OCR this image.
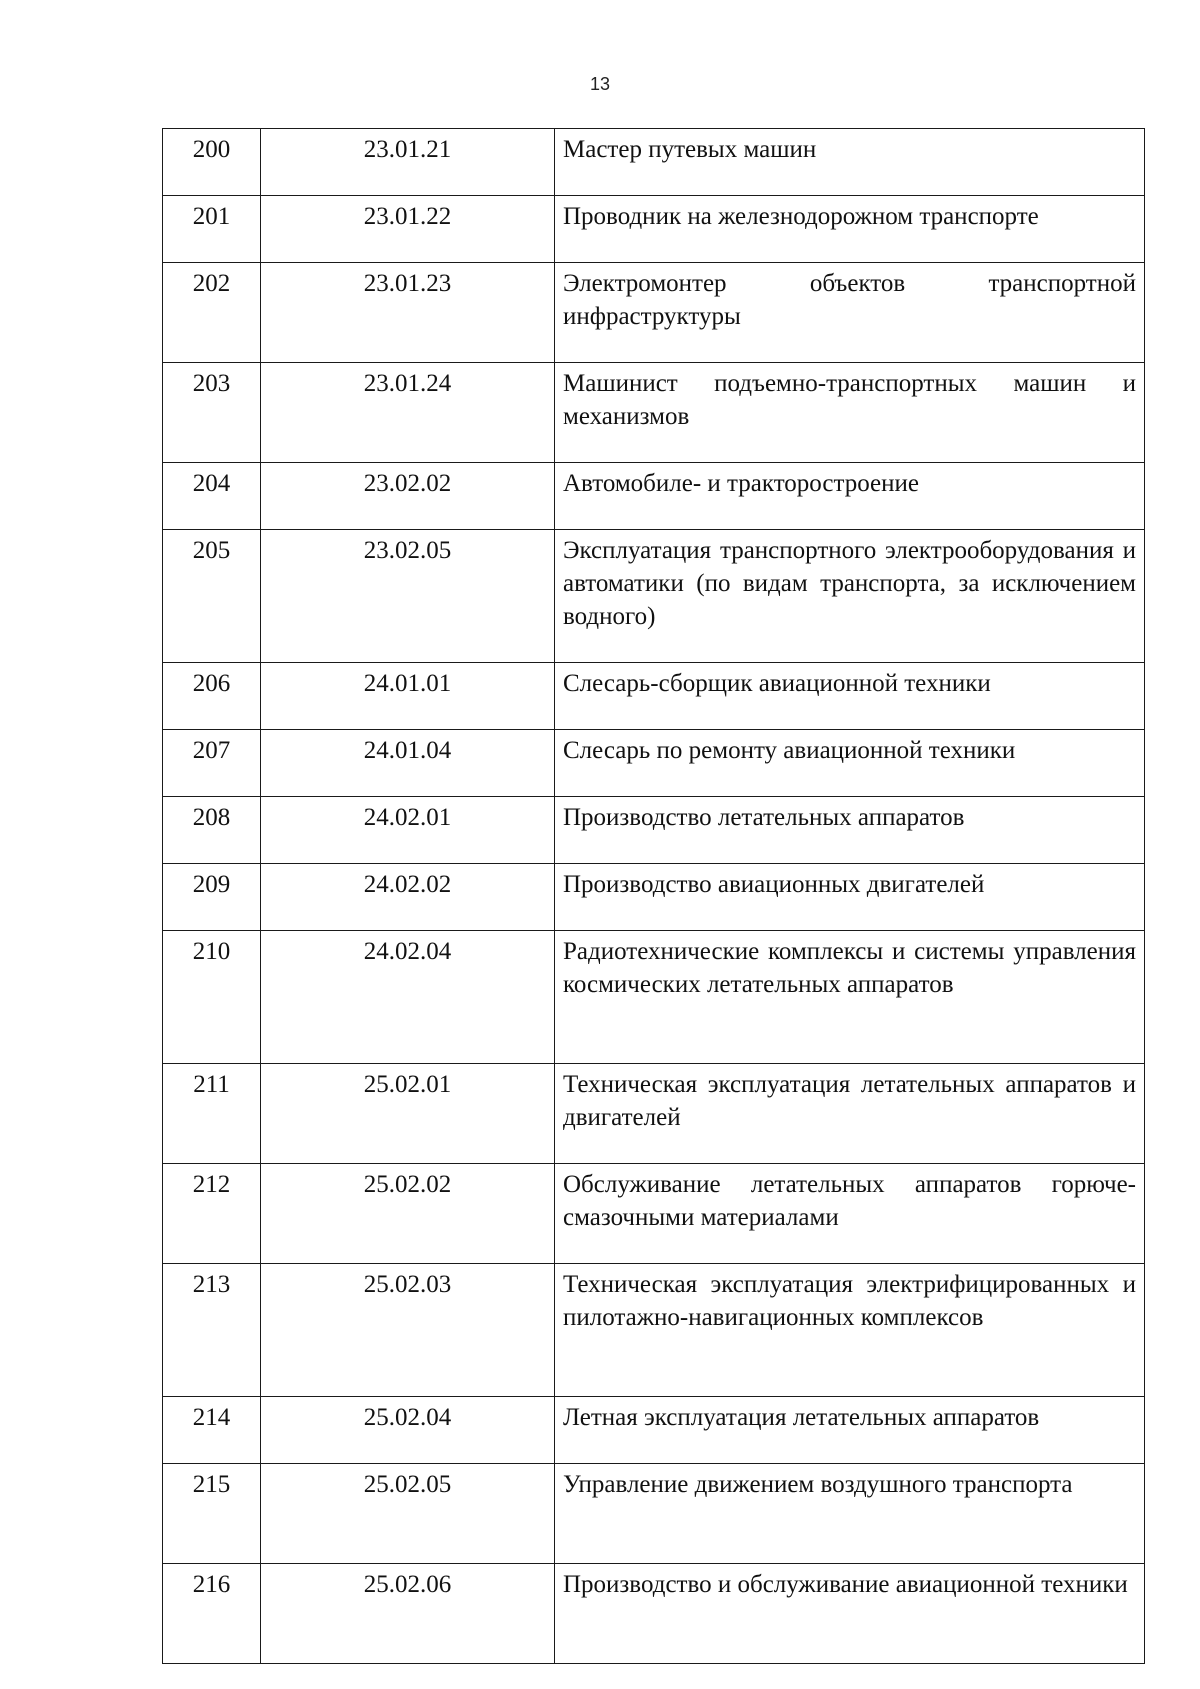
13
200	23.01.21	Мастер путевых машин
201	23.01.22	Проводник на железнодорожном транспорте
202	23.01.23	Электромонтер объектов транспортной инфраструктуры
203	23.01.24	Машинист подъемно-транспортных машин и механизмов
204	23.02.02	Автомобиле- и тракторостроение
205	23.02.05	Эксплуатация транспортного электрооборудования и автоматики (по видам транспорта, за исключением водного)
206	24.01.01	Слесарь-сборщик авиационной техники
207	24.01.04	Слесарь по ремонту авиационной техники
208	24.02.01	Производство летательных аппаратов
209	24.02.02	Производство авиационных двигателей
210	24.02.04	Радиотехнические комплексы и системы управления космических летательных аппаратов
211	25.02.01	Техническая эксплуатация летательных аппаратов и двигателей
212	25.02.02	Обслуживание летательных аппаратов горюче-смазочными материалами
213	25.02.03	Техническая эксплуатация электрифицированных и пилотажно-навигационных комплексов
214	25.02.04	Летная эксплуатация летательных аппаратов
215	25.02.05	Управление движением воздушного транспорта
216	25.02.06	Производство и обслуживание авиационной техники
